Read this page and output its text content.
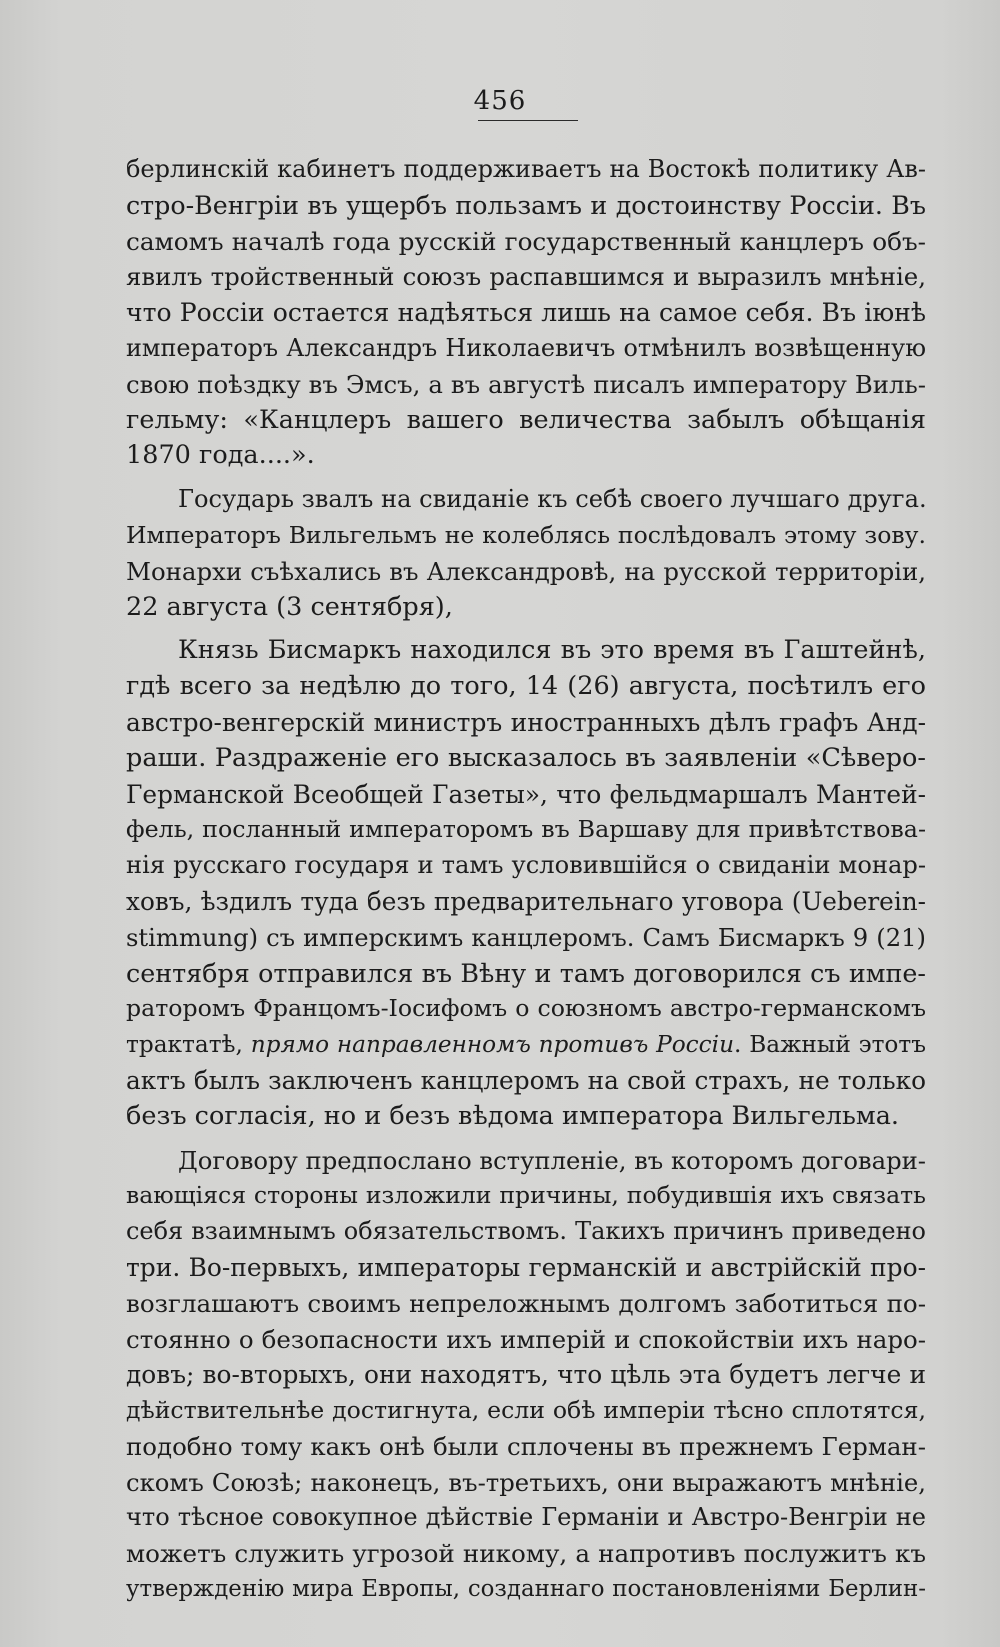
456
берлинскій кабинетъ поддерживаетъ на Востокѣ политику Ав-
стро-Венгріи въ ущербъ пользамъ и достоинству Россіи. Въ
самомъ началѣ года русскій государственный канцлеръ объ-
явилъ тройственный союзъ распавшимся и выразилъ мнѣніе,
что Россіи остается надѣяться лишь на самое себя. Въ іюнѣ
императоръ Александръ Николаевичъ отмѣнилъ возвѣщенную
свою поѣздку въ Эмсъ, а въ августѣ писалъ императору Виль-
гельму: «Канцлеръ вашего величества забылъ обѣщанія
1870 года....».
Государь звалъ на свиданіе къ себѣ своего лучшаго друга.
Императоръ Вильгельмъ не колеблясь послѣдовалъ этому зову.
Монархи съѣхались въ Александровѣ, на русской территоріи,
22 августа (3 сентября),
Князь Бисмаркъ находился въ это время въ Гаштейнѣ,
гдѣ всего за недѣлю до того, 14 (26) августа, посѣтилъ его
австро-венгерскій министръ иностранныхъ дѣлъ графъ Анд-
раши. Раздраженіе его высказалось въ заявленіи «Сѣверо-
Германской Всеобщей Газеты», что фельдмаршалъ Мантей-
фель, посланный императоромъ въ Варшаву для привѣтствова-
нія русскаго государя и тамъ условившійся о свиданіи монар-
ховъ, ѣздилъ туда безъ предварительнаго уговора (Uebereіn-
stimmung) съ имперскимъ канцлеромъ. Самъ Бисмаркъ 9 (21)
сентября отправился въ Вѣну и тамъ договорился съ импе-
раторомъ Францомъ-Іосифомъ о союзномъ австро-германскомъ
трактатѣ, прямо направленномъ противъ Россіи. Важный этотъ
актъ былъ заключенъ канцлеромъ на свой страхъ, не только
безъ согласія, но и безъ вѣдома императора Вильгельма.
Договору предпослано вступленіе, въ которомъ договари-
вающіяся стороны изложили причины, побудившія ихъ связать
себя взаимнымъ обязательствомъ. Такихъ причинъ приведено
три. Во-первыхъ, императоры германскій и австрійскій про-
возглашаютъ своимъ непреложнымъ долгомъ заботиться по-
стоянно о безопасности ихъ имперій и спокойствіи ихъ наро-
довъ; во-вторыхъ, они находятъ, что цѣль эта будетъ легче и
дѣйствительнѣе достигнута, если обѣ имперіи тѣсно сплотятся,
подобно тому какъ онѣ были сплочены въ прежнемъ Герман-
скомъ Союзѣ; наконецъ, въ-третьихъ, они выражаютъ мнѣніе,
что тѣсное совокупное дѣйствіе Германіи и Австро-Венгріи не
можетъ служить угрозой никому, а напротивъ послужитъ къ
утвержденію мира Европы, созданнаго постановленіями Берлин-
